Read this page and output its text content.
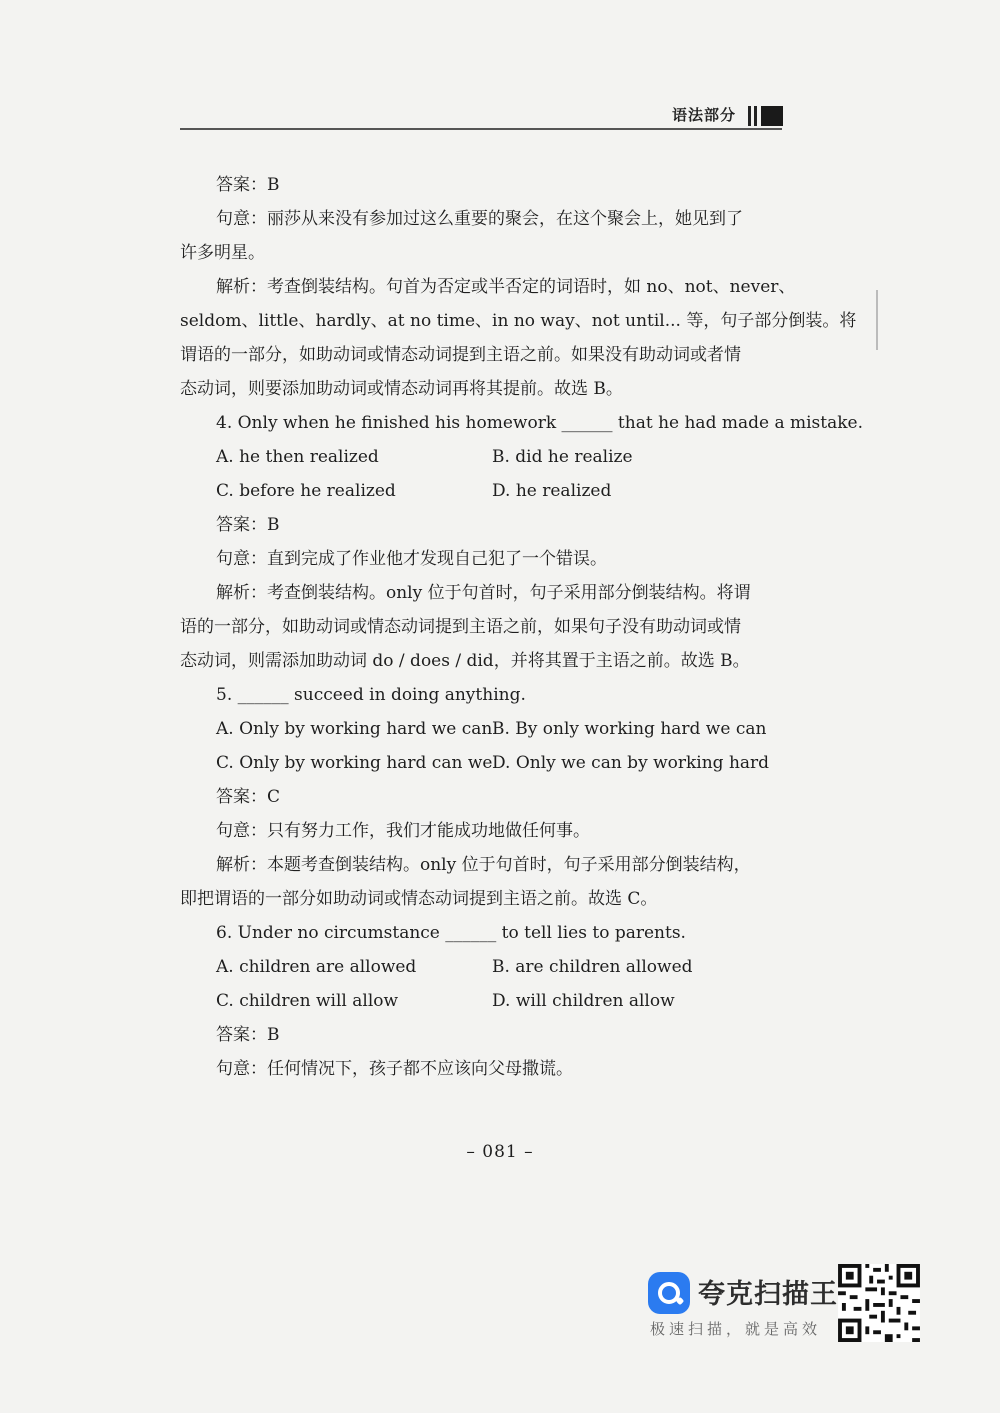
语法部分
答案：B
句意：丽莎从来没有参加过这么重要的聚会，在这个聚会上，她见到了
许多明星。
解析：考查倒装结构。句首为否定或半否定的词语时，如 no、not、never、
seldom、little、hardly、at no time、in no way、not until... 等，句子部分倒装。将
谓语的一部分，如助动词或情态动词提到主语之前。如果没有助动词或者情
态动词，则要添加助动词或情态动词再将其提前。故选 B。
4. Only when he finished his homework ______ that he had made a mistake.
A. he then realized	B. did he realize
C. before he realized	D. he realized
答案：B
句意：直到完成了作业他才发现自己犯了一个错误。
解析：考查倒装结构。only 位于句首时，句子采用部分倒装结构。将谓
语的一部分，如助动词或情态动词提到主语之前，如果句子没有助动词或情
态动词，则需添加助动词 do / does / did，并将其置于主语之前。故选 B。
5. ______ succeed in doing anything.
A. Only by working hard we can B. By only working hard we can
C. Only by working hard can we D. Only we can by working hard
答案：C
句意：只有努力工作，我们才能成功地做任何事。
解析：本题考查倒装结构。only 位于句首时，句子采用部分倒装结构，
即把谓语的一部分如助动词或情态动词提到主语之前。故选 C。
6. Under no circumstance ______ to tell lies to parents.
A. children are allowed	B. are children allowed
C. children will allow	D. will children allow
答案：B
句意：任何情况下，孩子都不应该向父母撒谎。
– 081 –
夸克扫描王
极速扫描，就是高效
